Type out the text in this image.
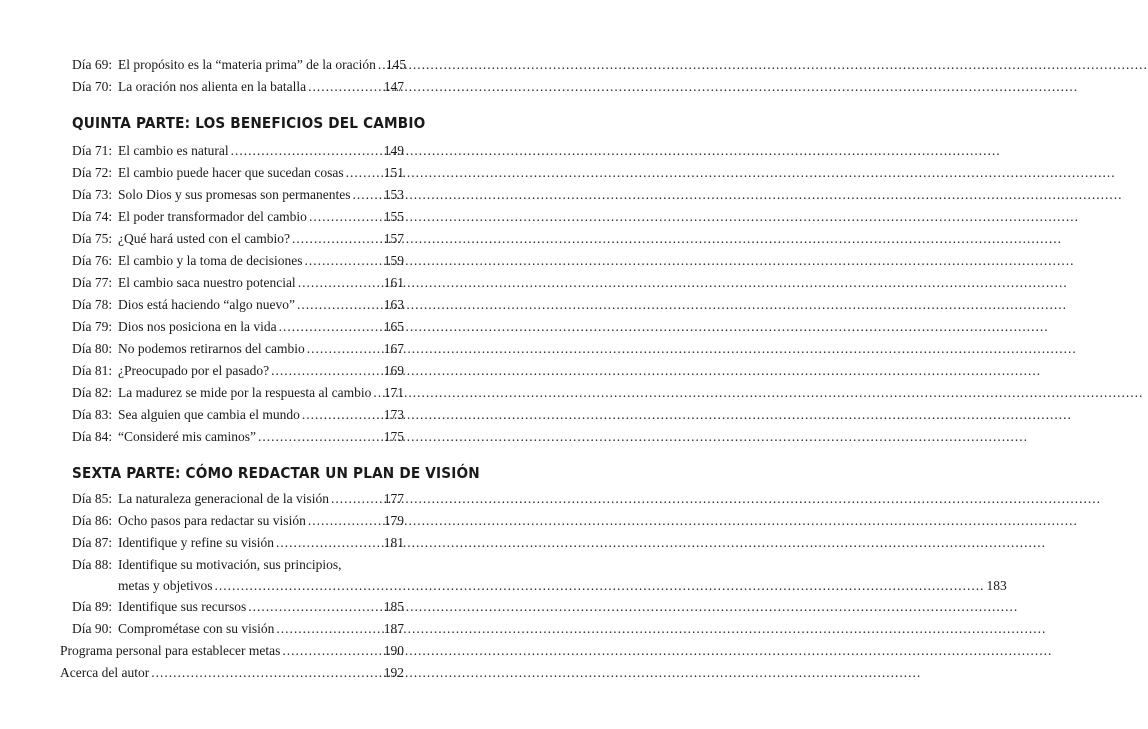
Día 69: El propósito es la “materia prima” de la oración ..... 145
Día 70: La oración nos alienta en la batalla .....	147
QUINTA PARTE: LOS BENEFICIOS DEL CAMBIO
Día 71: El cambio es natural .....	149
Día 72: El cambio puede hacer que sucedan cosas .....	151
Día 73: Solo Dios y sus promesas son permanentes ..... 153
Día 74: El poder transformador del cambio .....	155
Día 75: ¿Qué hará usted con el cambio? .....	157
Día 76: El cambio y la toma de decisiones .....	159
Día 77: El cambio saca nuestro potencial .....	161
Día 78: Dios está haciendo “algo nuevo” .....	163
Día 79: Dios nos posiciona en la vida .....	165
Día 80: No podemos retirarnos del cambio .....	167
Día 81: ¿Preocupado por el pasado? .....	169
Día 82: La madurez se mide por la respuesta al cambio ..... 171
Día 83: Sea alguien que cambia el mundo .....	173
Día 84: “Consideré mis caminos” .....	175
SEXTA PARTE: CÓMO REDACTAR UN PLAN DE VISIÓN
Día 85: La naturaleza generacional de la visión .....	177
Día 86: Ocho pasos para redactar su visión .....	179
Día 87: Identifique y refine su visión .....	181
Día 88: Identifique su motivación, sus principios,
metas y objetivos .....	183
Día 89: Identifique sus recursos .....	185
Día 90: Comprométase con su visión .....	187
Programa personal para establecer metas .....	190
Acerca del autor .....	192
